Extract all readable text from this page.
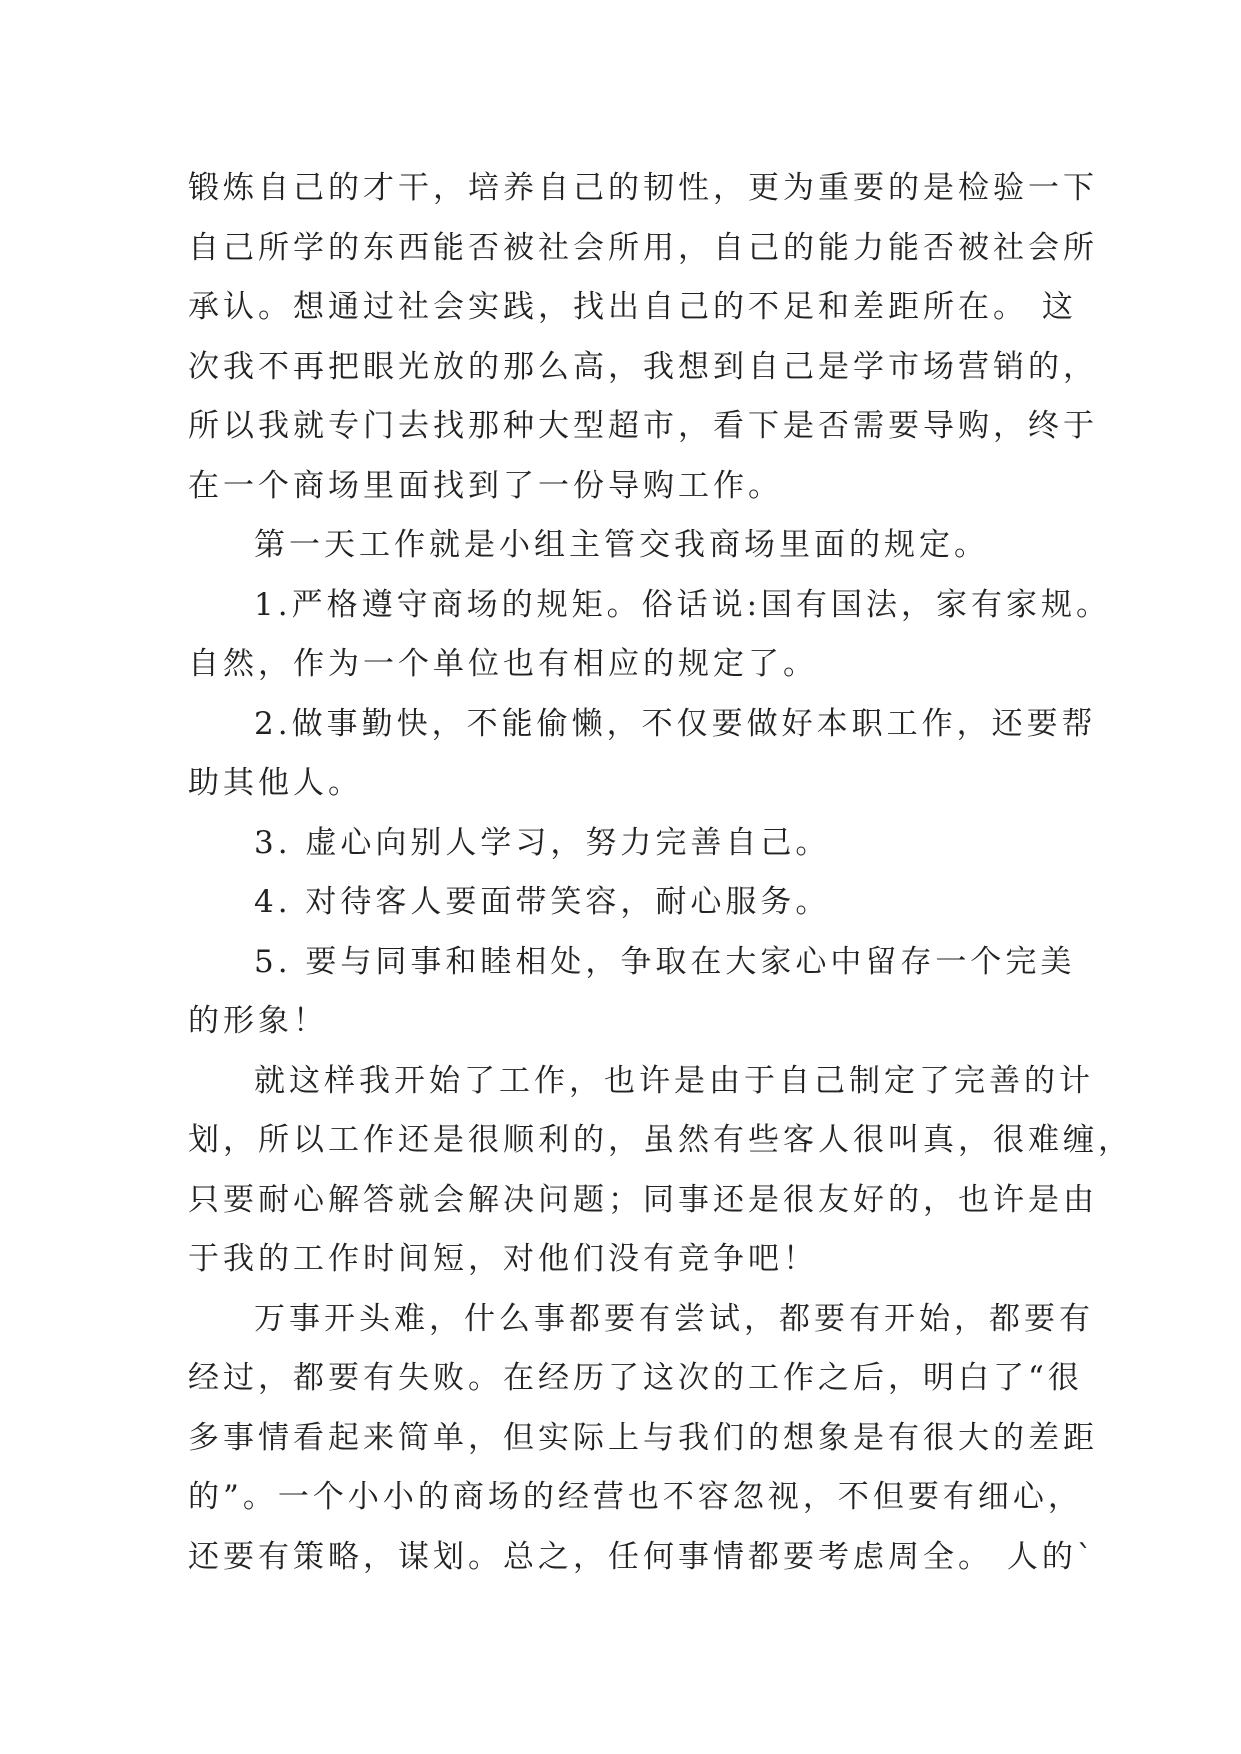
锻炼自己的才干，培养自己的韧性，更为重要的是检验一下
自己所学的东西能否被社会所用，自己的能力能否被社会所
承认。想通过社会实践，找出自己的不足和差距所在。 这
次我不再把眼光放的那么高，我想到自己是学市场营销的，
所以我就专门去找那种大型超市，看下是否需要导购，终于
在一个商场里面找到了一份导购工作。
第一天工作就是小组主管交我商场里面的规定。
1.严格遵守商场的规矩。俗话说:国有国法，家有家规。
自然，作为一个单位也有相应的规定了。
2.做事勤快，不能偷懒，不仅要做好本职工作，还要帮
助其他人。
3. 虚心向别人学习，努力完善自己。
4. 对待客人要面带笑容，耐心服务。
5. 要与同事和睦相处，争取在大家心中留存一个完美
的形象！
就这样我开始了工作，也许是由于自己制定了完善的计
划，所以工作还是很顺利的，虽然有些客人很叫真，很难缠，
只要耐心解答就会解决问题；同事还是很友好的，也许是由
于我的工作时间短，对他们没有竞争吧！
万事开头难，什么事都要有尝试，都要有开始，都要有
经过，都要有失败。在经历了这次的工作之后，明白了“很
多事情看起来简单，但实际上与我们的想象是有很大的差距
的”。一个小小的商场的经营也不容忽视，不但要有细心，
还要有策略，谋划。总之，任何事情都要考虑周全。 人的`
